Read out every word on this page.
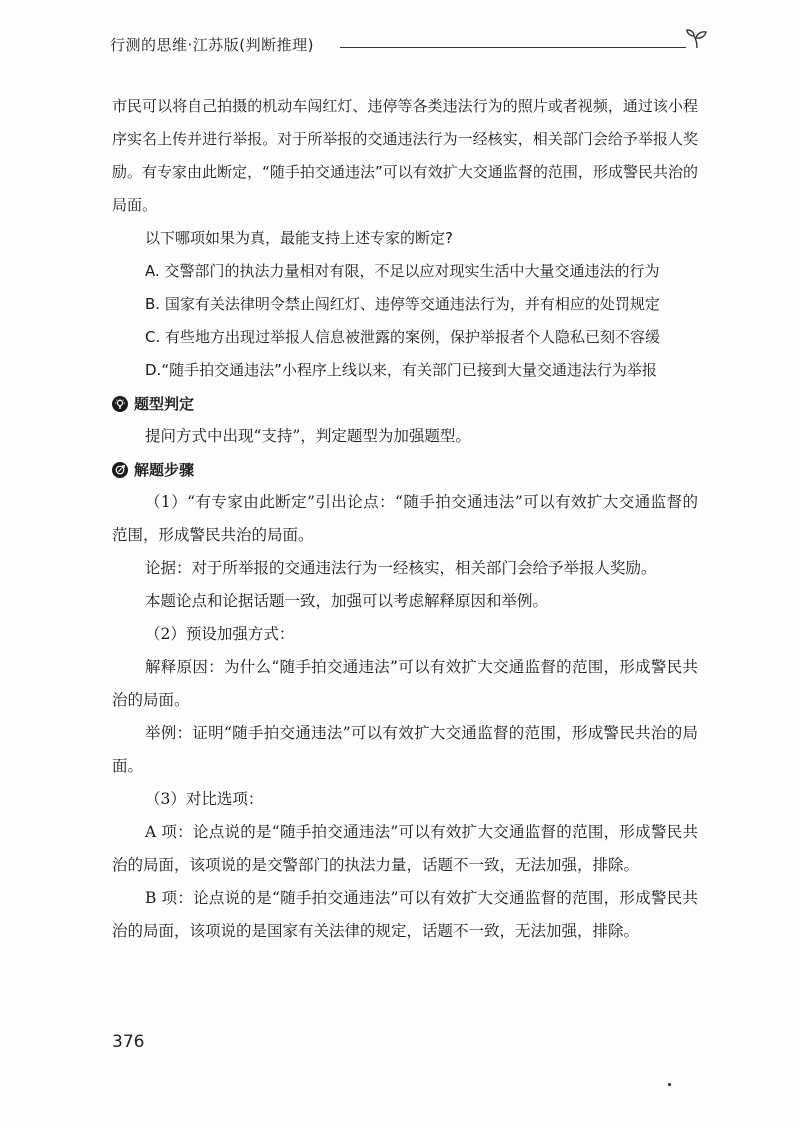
行测的思维·江苏版(判断推理)

市民可以将自己拍摄的机动车闯红灯、违停等各类违法行为的照片或者视频，通过该小程序实名上传并进行举报。对于所举报的交通违法行为一经核实，相关部门会给予举报人奖励。有专家由此断定，“随手拍交通违法”可以有效扩大交通监督的范围，形成警民共治的局面。

以下哪项如果为真，最能支持上述专家的断定?

A. 交警部门的执法力量相对有限，不足以应对现实生活中大量交通违法的行为

B. 国家有关法律明令禁止闯红灯、违停等交通违法行为，并有相应的处罚规定

C. 有些地方出现过举报人信息被泄露的案例，保护举报者个人隐私已刻不容缓

D.“随手拍交通违法”小程序上线以来，有关部门已接到大量交通违法行为举报

题型判定

提问方式中出现“支持”，判定题型为加强题型。

解题步骤

（1）“有专家由此断定”引出论点：“随手拍交通违法”可以有效扩大交通监督的范围，形成警民共治的局面。

论据：对于所举报的交通违法行为一经核实，相关部门会给予举报人奖励。

本题论点和论据话题一致，加强可以考虑解释原因和举例。

（2）预设加强方式：

解释原因：为什么“随手拍交通违法”可以有效扩大交通监督的范围，形成警民共治的局面。

举例：证明“随手拍交通违法”可以有效扩大交通监督的范围，形成警民共治的局面。

（3）对比选项：

A 项：论点说的是“随手拍交通违法”可以有效扩大交通监督的范围，形成警民共治的局面，该项说的是交警部门的执法力量，话题不一致，无法加强，排除。

B 项：论点说的是“随手拍交通违法”可以有效扩大交通监督的范围，形成警民共治的局面，该项说的是国家有关法律的规定，话题不一致，无法加强，排除。

376
